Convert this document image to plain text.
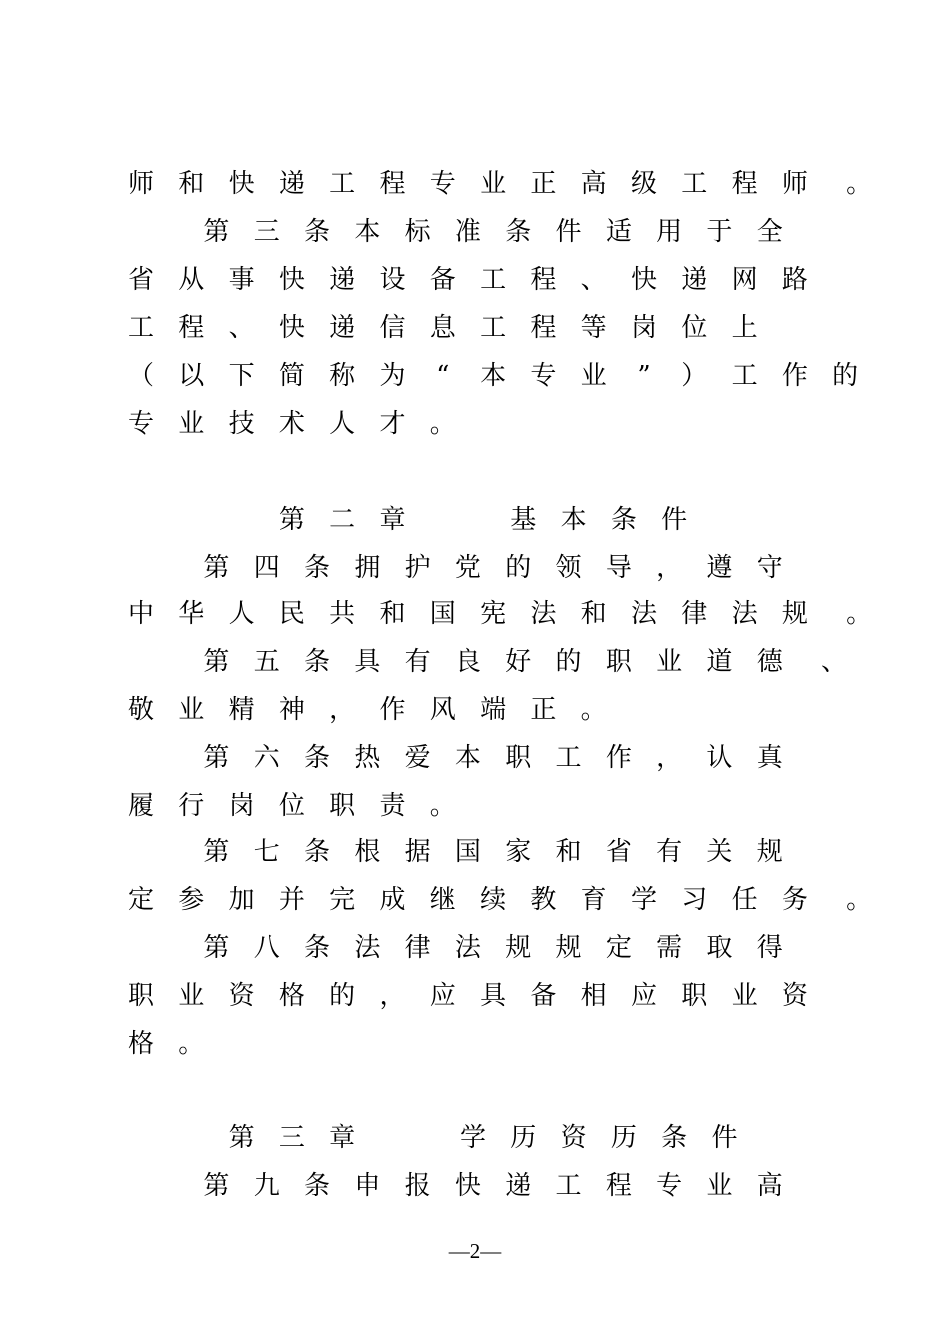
师 和 快 递 工 程 专 业 正 高 级 工 程 师 。
第 三 条 本 标 准 条 件 适 用 于 全
省 从 事 快 递 设 备 工 程 、 快 递 网 路
工 程 、 快 递 信 息 工 程 等 岗 位 上
（ 以 下 简 称 为	“	本 专 业	”	） 工 作 的
专 业 技 术 人 才 。
第 二 章	基 本 条 件
第 四 条 拥 护 党 的 领 导 ， 遵 守
中 华 人 民 共 和 国 宪 法 和 法 律 法 规 。
第 五 条 具 有 良 好 的 职 业 道 德 、
敬 业 精 神 ， 作 风 端 正 。
第 六 条 热 爱 本 职 工 作 ， 认 真
履 行 岗 位 职 责 。
第 七 条 根 据 国 家 和 省 有 关 规
定 参 加 并 完 成 继 续 教 育 学 习 任 务 。
第 八 条 法 律 法 规 规 定 需 取 得
职 业 资 格 的 ， 应 具 备 相 应 职 业 资
格 。
第 三 章	学 历 资 历 条 件
第 九 条 申 报 快 递 工 程 专 业 高
—2—
